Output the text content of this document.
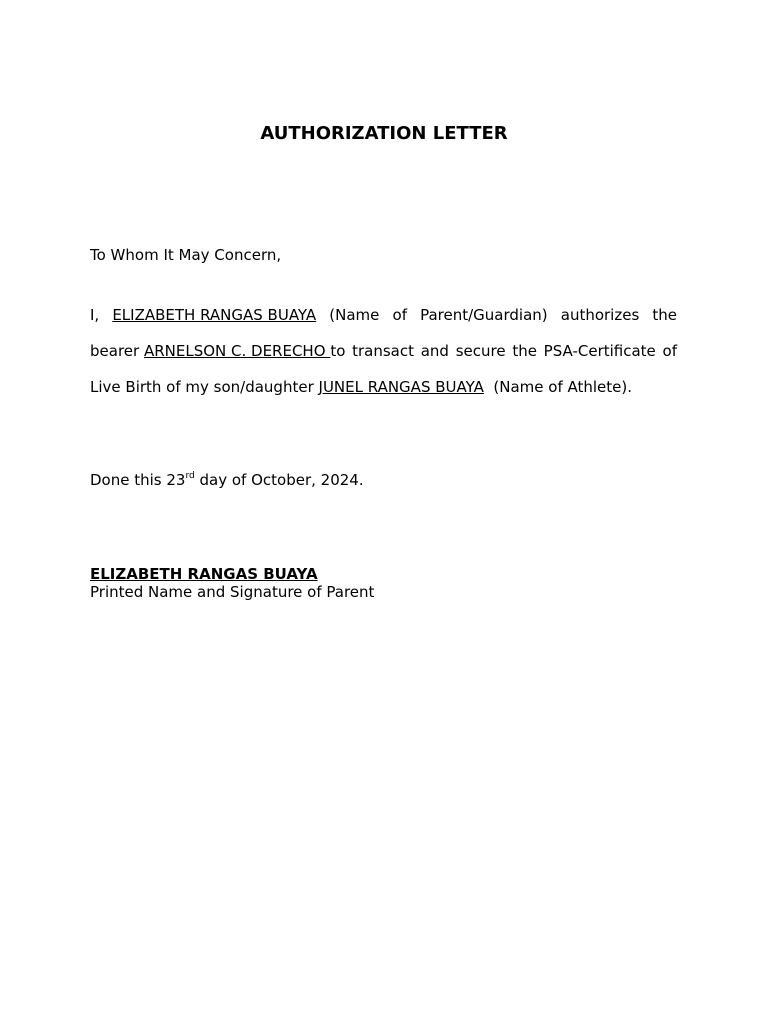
AUTHORIZATION LETTER
To Whom It May Concern,
I, ELIZABETH RANGAS BUAYA (Name of Parent/Guardian) authorizes the
bearer ARNELSON C. DERECHO to transact and secure the PSA-Certificate of
Live Birth of my son/daughter JUNEL RANGAS BUAYA (Name of Athlete).
Done this 23rd day of October, 2024.
ELIZABETH RANGAS BUAYA
Printed Name and Signature of Parent
